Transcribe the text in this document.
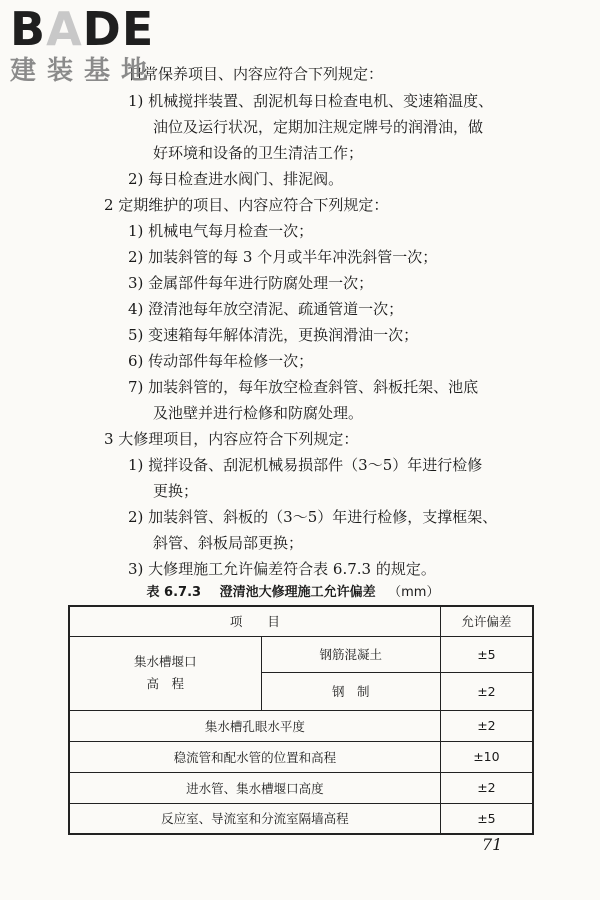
BADE
建装基地
日常保养项目、内容应符合下列规定：
1) 机械搅拌装置、刮泥机每日检查电机、变速箱温度、
油位及运行状况，定期加注规定牌号的润滑油，做
好环境和设备的卫生清洁工作；
2) 每日检查进水阀门、排泥阀。
2 定期维护的项目、内容应符合下列规定：
1) 机械电气每月检查一次；
2) 加装斜管的每 3 个月或半年冲洗斜管一次；
3) 金属部件每年进行防腐处理一次；
4) 澄清池每年放空清泥、疏通管道一次；
5) 变速箱每年解体清洗，更换润滑油一次；
6) 传动部件每年检修一次；
7) 加装斜管的，每年放空检查斜管、斜板托架、池底
及池壁并进行检修和防腐处理。
3 大修理项目，内容应符合下列规定：
1) 搅拌设备、刮泥机械易损部件（3～5）年进行检修
更换；
2) 加装斜管、斜板的（3～5）年进行检修，支撑框架、
斜管、斜板局部更换；
3) 大修理施工允许偏差符合表 6.7.3 的规定。
表 6.7.3 澄清池大修理施工允许偏差 （mm）
项　　目		允许偏差

集水槽堰口
高　程	钢筋混凝土	±5
	钢　制	±2
集水槽孔眼水平度		±2
稳流管和配水管的位置和高程		±10
进水管、集水槽堰口高度		±2
反应室、导流室和分流室隔墙高程		±5
71
